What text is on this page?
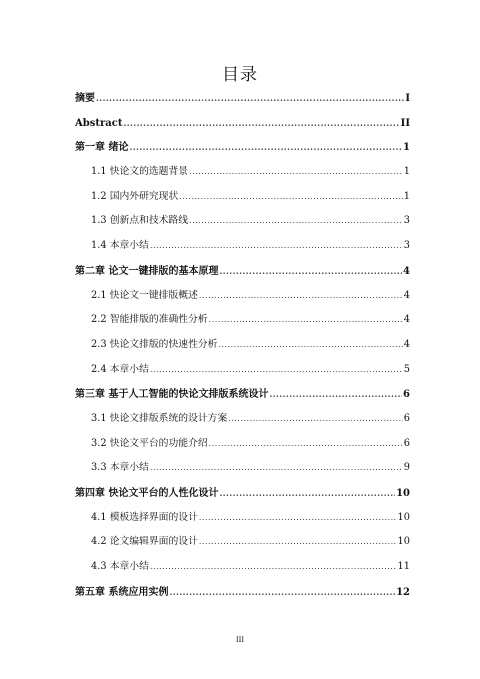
目录
摘要 .....	I
Abstract .....	II
第一章 绪论 .....	1
1.1 快论文的选题背景 .....	1
1.2 国内外研究现状 .....	1
1.3 创新点和技术路线 .....	3
1.4 本章小结 .....	3
第二章 论文一键排版的基本原理 .....	4
2.1 快论文一键排版概述 .....	4
2.2 智能排版的准确性分析 .....	4
2.3 快论文排版的快速性分析 .....	4
2.4 本章小结 .....	5
第三章 基于人工智能的快论文排版系统设计 .....	6
3.1 快论文排版系统的设计方案 .....	6
3.2 快论文平台的功能介绍 .....	6
3.3 本章小结 .....	9
第四章 快论文平台的人性化设计 .....	10
4.1 模板选择界面的设计 .....	10
4.2 论文编辑界面的设计 .....	10
4.3 本章小结 .....	11
第五章 系统应用实例 .....	12
III
